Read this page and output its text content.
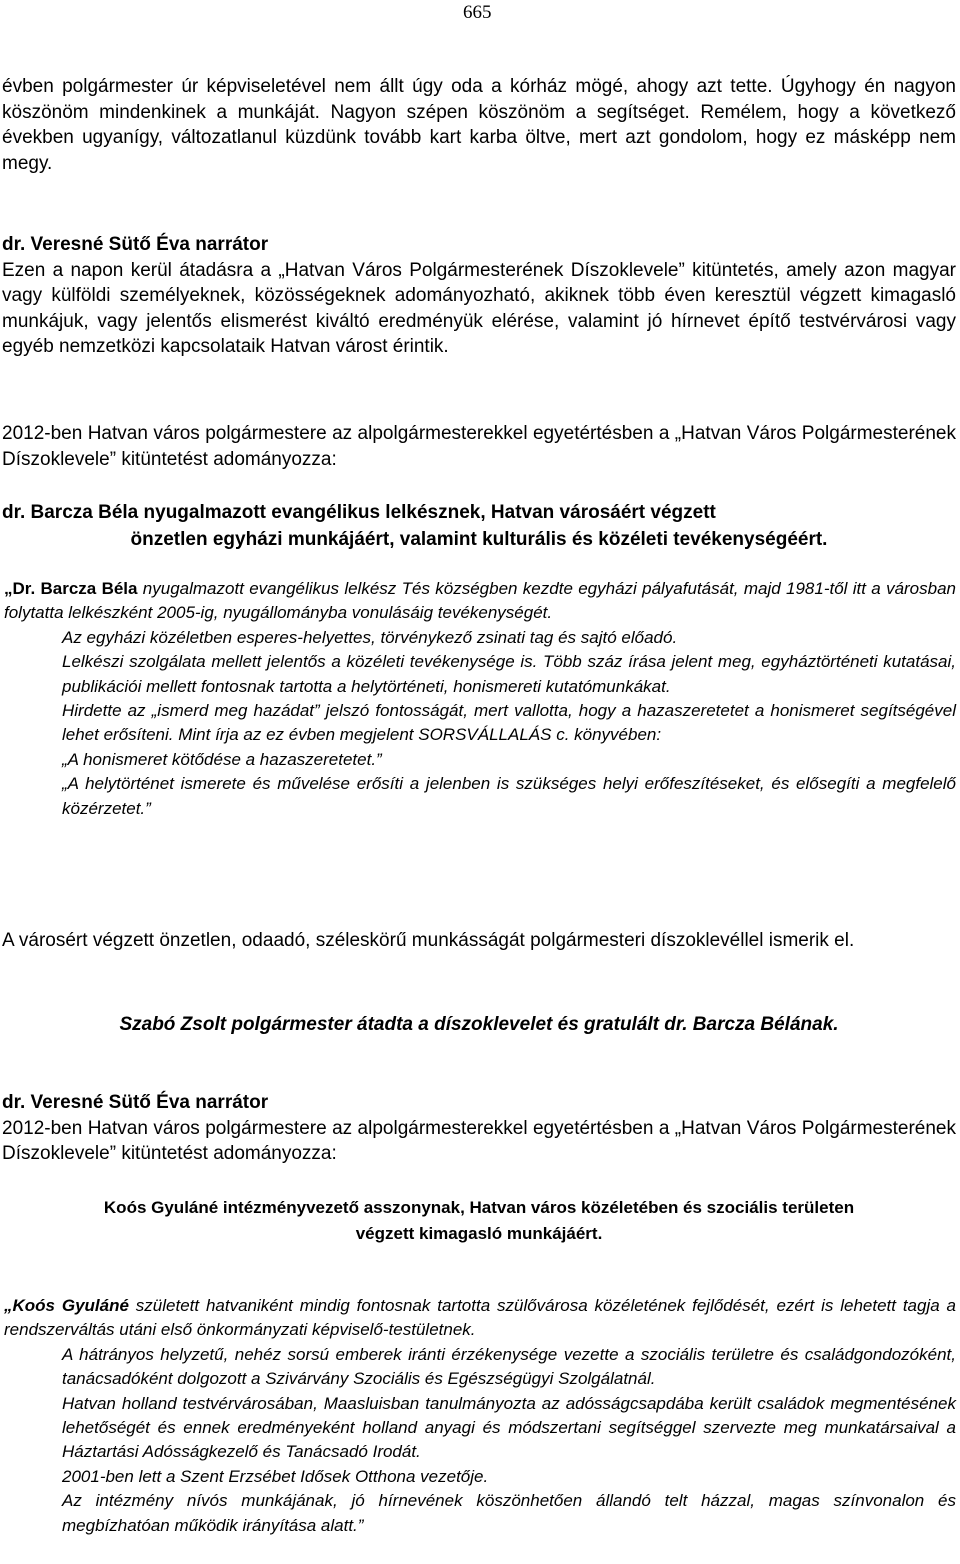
665

évben polgármester úr képviseletével nem állt úgy oda a kórház mögé, ahogy azt tette. Úgyhogy én nagyon köszönöm mindenkinek a munkáját. Nagyon szépen köszönöm a segítséget. Remélem, hogy a következő években ugyanígy, változatlanul küzdünk tovább kart karba öltve, mert azt gondolom, hogy ez másképp nem megy.

dr. Veresné Sütő Éva narrátor

Ezen a napon kerül átadásra a „Hatvan Város Polgármesterének Díszoklevele” kitüntetés, amely azon magyar vagy külföldi személyeknek, közösségeknek adományozható, akiknek több éven keresztül végzett kimagasló munkájuk, vagy jelentős elismerést kiváltó eredményük elérése, valamint jó hírnevet építő testvérvárosi vagy egyéb nemzetközi kapcsolataik Hatvan várost érintik.

2012-ben Hatvan város polgármestere az alpolgármesterekkel egyetértésben a „Hatvan Város Polgármesterének Díszoklevele” kitüntetést adományozza:

dr. Barcza Béla nyugalmazott evangélikus lelkésznek, Hatvan városáért végzett

önzetlen egyházi munkájáért, valamint kulturális és közéleti tevékenységéért.

„Dr. Barcza Béla nyugalmazott evangélikus lelkész Tés községben kezdte egyházi pályafutását, majd 1981-től itt a városban folytatta lelkészként 2005-ig, nyugállományba vonulásáig tevékenységét.

Az egyházi közéletben esperes-helyettes, törvénykező zsinati tag és sajtó előadó.

Lelkészi szolgálata mellett jelentős a közéleti tevékenysége is. Több száz írása jelent meg, egyháztörténeti kutatásai, publikációi mellett fontosnak tartotta a helytörténeti, honismereti kutatómunkákat.

Hirdette az „ismerd meg hazádat” jelszó fontosságát, mert vallotta, hogy a hazaszeretetet a honismeret segítségével lehet erősíteni. Mint írja az ez évben megjelent SORSVÁLLALÁS c. könyvében:

„A honismeret kötődése a hazaszeretetet.”

„A helytörténet ismerete és művelése erősíti a jelenben is szükséges helyi erőfeszítéseket, és elősegíti a megfelelő közérzetet.”

A városért végzett önzetlen, odaadó, széleskörű munkásságát polgármesteri díszoklevéllel ismerik el.

Szabó Zsolt polgármester átadta a díszoklevelet és gratulált dr. Barcza Bélának.

dr. Veresné Sütő Éva narrátor

2012-ben Hatvan város polgármestere az alpolgármesterekkel egyetértésben a „Hatvan Város Polgármesterének Díszoklevele” kitüntetést adományozza:

Koós Gyuláné intézményvezető asszonynak, Hatvan város közéletében és szociális területen

végzett kimagasló munkájáért.

„Koós Gyuláné született hatvaniként mindig fontosnak tartotta szülővárosa közéletének fejlődését, ezért is lehetett tagja a rendszerváltás utáni első önkormányzati képviselő-testületnek.

A hátrányos helyzetű, nehéz sorsú emberek iránti érzékenysége vezette a szociális területre és családgondozóként, tanácsadóként dolgozott a Szivárvány Szociális és Egészségügyi Szolgálatnál.

Hatvan holland testvérvárosában, Maasluisban tanulmányozta az adósságcsapdába került családok megmentésének lehetőségét és ennek eredményeként holland anyagi és módszertani segítséggel szervezte meg munkatársaival a Háztartási Adósságkezelő és Tanácsadó Irodát.

2001-ben lett a Szent Erzsébet Idősek Otthona vezetője.

Az intézmény nívós munkájának, jó hírnevének köszönhetően állandó telt házzal, magas színvonalon és megbízhatóan működik irányítása alatt.”
